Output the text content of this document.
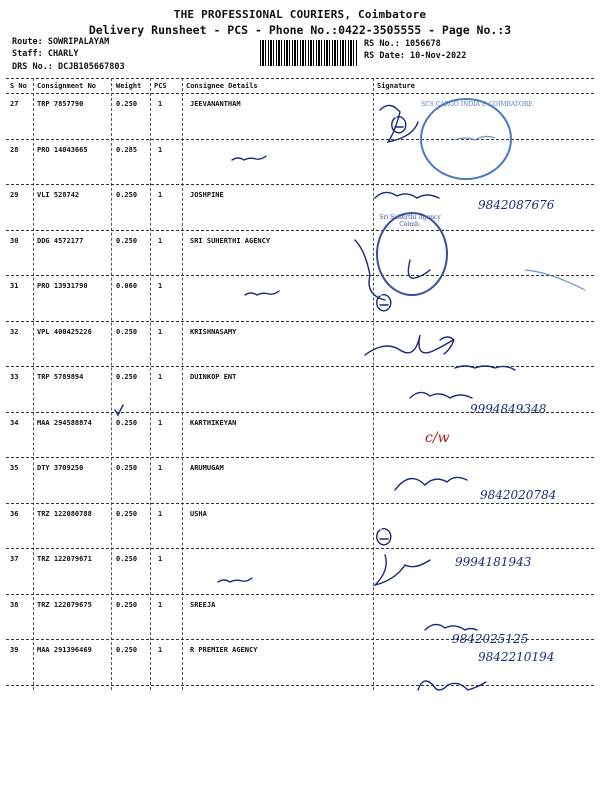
THE PROFESSIONAL COURIERS, Coimbatore
Delivery Runsheet - PCS - Phone No.:0422-3505555 - Page No.:3
Route: SOWRIPALAYAM
Staff: CHARLY
DRS No.: DCJB105667803
RS No.: 1056678
RS Date: 10-Nov-2022
S No Consignment No	Weight PCS	Consignee Details	Signature
27	TRP 7857790	0.250	1	JEEVANANTHAM
28	PRO 14043665	0.285	1
29	VLI 528742	0.250	1	JOSHPINE
30	DDG 4572177	0.250	1	SRI SUHERTHI AGENCY
31	PRO 13931790	0.060	1
32	VPL 400425226	0.250	1	KRISHNASAMY
33	TRP 5789894	0.250	1	DUINKOP ENT
34	MAA 294588874	0.250	1	KARTHIKEYAN
35	DTY 3709250	0.250	1	ARUMUGAM
36	TRZ 122080788	0.250	1	USHA
37	TRZ 122079671	0.250	1
38	TRZ 122079675	0.250	1	SREEJA
39	MAA 291396469	0.250	1	R PREMIER AGENCY
9842087676
9994849348
c/w
9842020784
9994181943
9842025125
9842210194
SCS CARGO INDIA P. COIMBATORE
Sri Suherthi Agency Coimb.
